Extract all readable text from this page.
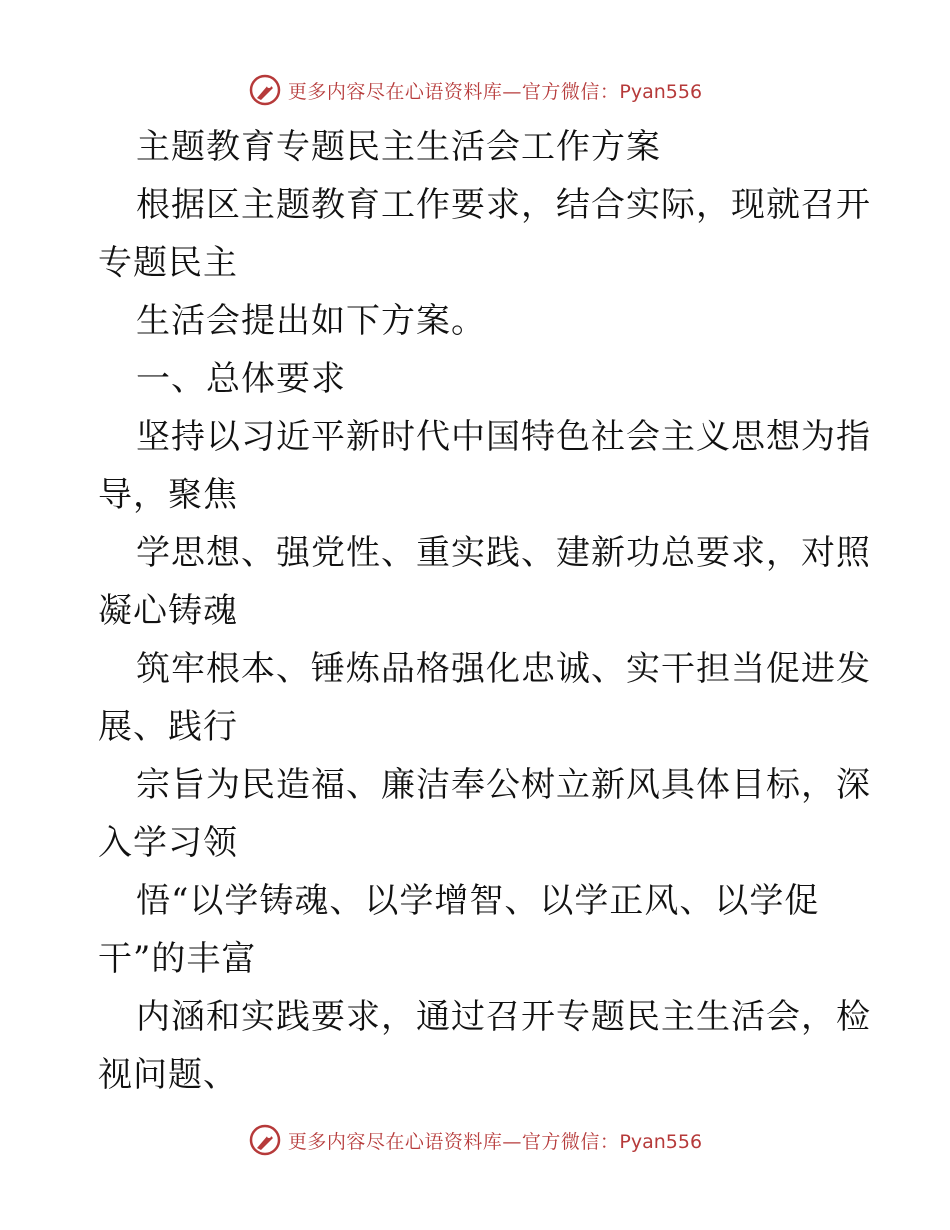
更多内容尽在心语资料库—官方微信：Pyan556
主题教育专题民主生活会工作方案
根据区主题教育工作要求，结合实际，现就召开
专题民主
生活会提出如下方案。
一、总体要求
坚持以习近平新时代中国特色社会主义思想为指
导，聚焦
学思想、强党性、重实践、建新功总要求，对照
凝心铸魂
筑牢根本、锤炼品格强化忠诚、实干担当促进发
展、践行
宗旨为民造福、廉洁奉公树立新风具体目标，深
入学习领
悟“以学铸魂、以学增智、以学正风、以学促
干”的丰富
内涵和实践要求，通过召开专题民主生活会，检
视问题、
更多内容尽在心语资料库—官方微信：Pyan556
